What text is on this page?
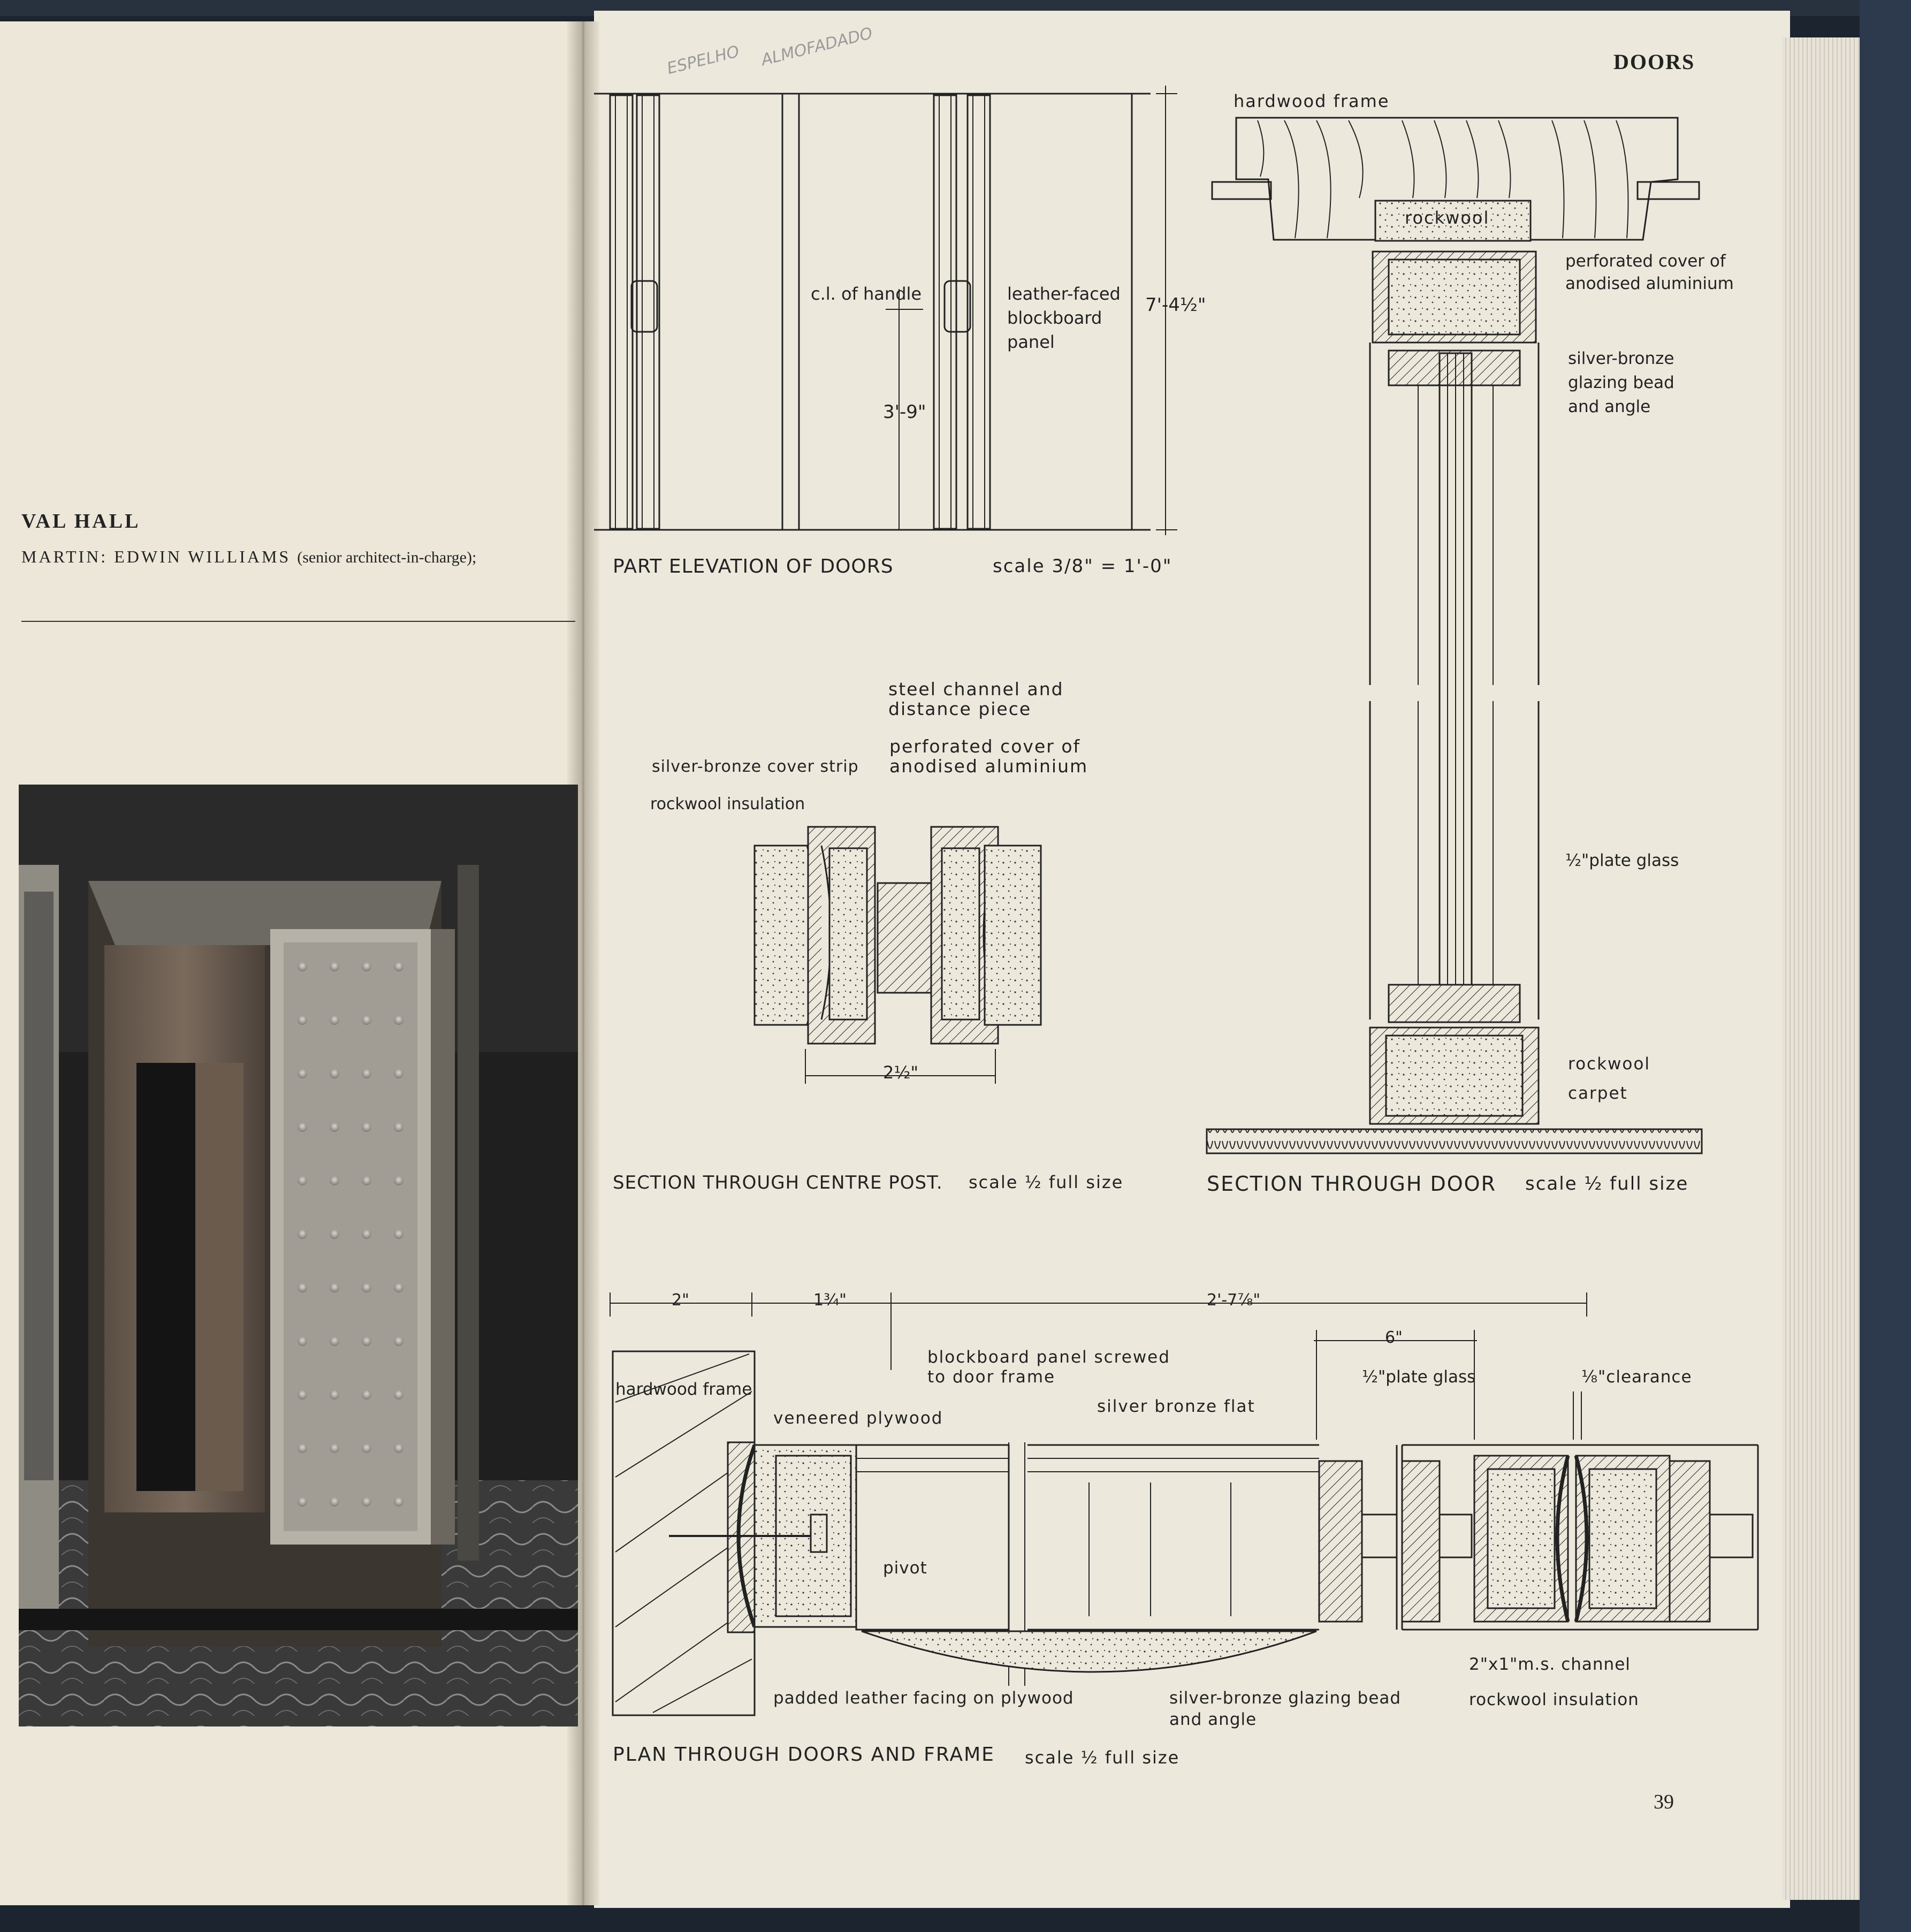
VAL HALL
MARTIN: EDWIN WILLIAMS (senior architect-in-charge);
DOORS
39
ESPELHO ALMOFADADO
PART ELEVATION OF DOORS	scale 3/8" = 1'-0"
c.l. of handle	leather-faced
blockboard
panel
7'-4½"
3'-9"
SECTION THROUGH DOOR scale ½ full size
hardwood frame
rockwool
perforated cover of
anodised aluminium
silver-bronze
glazing bead
and angle
½"plate glass
rockwool
carpet
SECTION THROUGH CENTRE POST. scale ½ full size
steel channel and
distance piece
perforated cover of
anodised aluminium
silver-bronze cover strip
rockwool insulation
2½"
PLAN THROUGH DOORS AND FRAME scale ½ full size
2"	1¾"	2'-7⅞"
6"
hardwood frame
blockboard panel screwed
to door frame
veneered plywood
silver bronze flat
½"plate glass	⅛"clearance
pivot
padded leather facing on plywood	silver-bronze glazing bead
and angle
2"x1"m.s. channel
rockwool insulation
